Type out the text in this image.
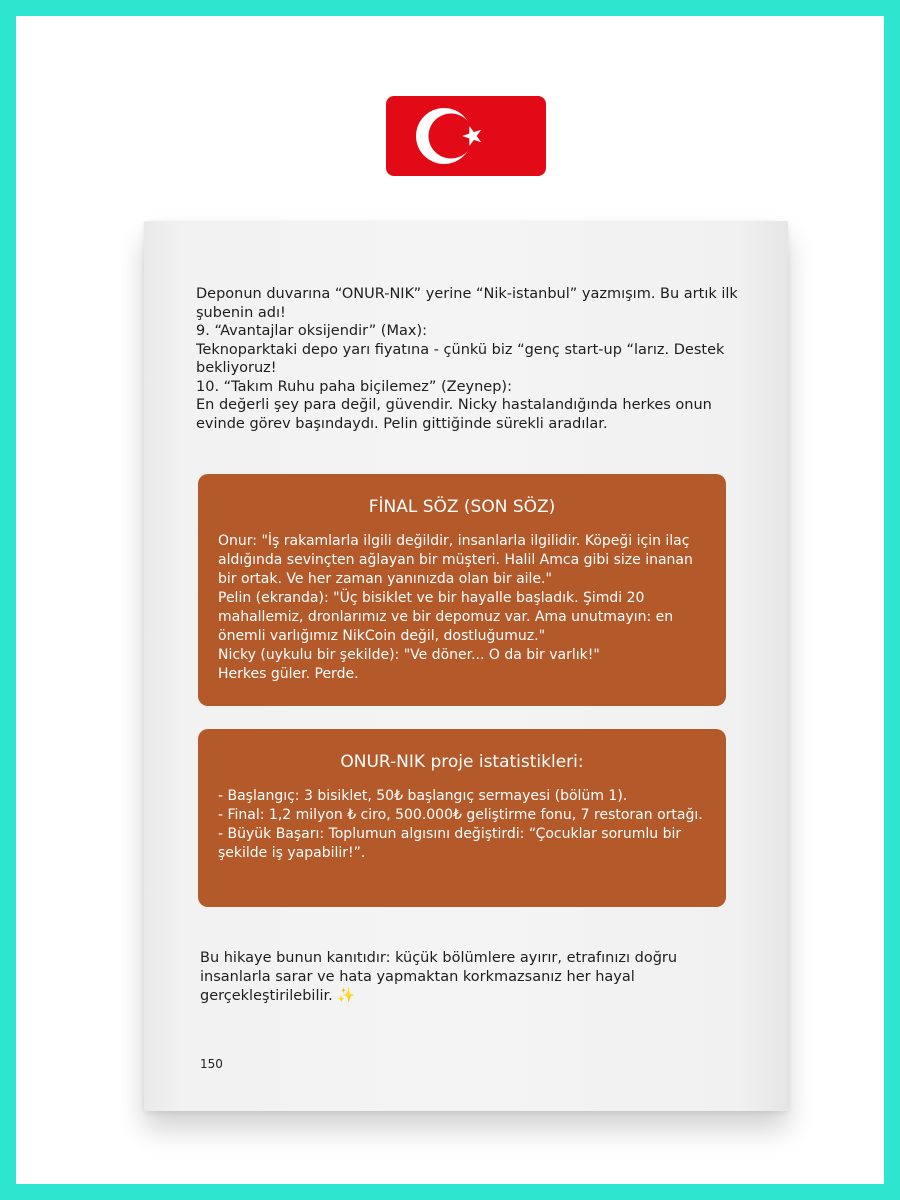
Deponun duvarına “ONUR-NIK” yerine “Nik-istanbul” yazmışım. Bu artık ilk şubenin adı!

9. “Avantajlar oksijendir” (Max):

Teknoparktaki depo yarı fiyatına - çünkü biz “genç start-up “larız. Destek bekliyoruz!

10. “Takım Ruhu paha biçilemez” (Zeynep):

En değerli şey para değil, güvendir. Nicky hastalandığında herkes onun evinde görev başındaydı. Pelin gittiğinde sürekli aradılar.

FİNAL SÖZ (SON SÖZ)

Onur: "İş rakamlarla ilgili değildir, insanlarla ilgilidir. Köpeği için ilaç aldığında sevinçten ağlayan bir müşteri. Halil Amca gibi size inanan bir ortak. Ve her zaman yanınızda olan bir aile."

Pelin (ekranda): "Üç bisiklet ve bir hayalle başladık. Şimdi 20 mahallemiz, dronlarımız ve bir depomuz var. Ama unutmayın: en önemli varlığımız NikCoin değil, dostluğumuz."

Nicky (uykulu bir şekilde): "Ve döner... O da bir varlık!"

Herkes güler. Perde.

ONUR-NIK proje istatistikleri:

- Başlangıç: 3 bisiklet, 50₺ başlangıç sermayesi (bölüm 1).

- Final: 1,2 milyon ₺ ciro, 500.000₺ geliştirme fonu, 7 restoran ortağı.

- Büyük Başarı: Toplumun algısını değiştirdi: “Çocuklar sorumlu bir şekilde iş yapabilir!”.

Bu hikaye bunun kanıtıdır: küçük bölümlere ayırır, etrafınızı doğru insanlarla sarar ve hata yapmaktan korkmazsanız her hayal gerçekleştirilebilir. ✨
150
